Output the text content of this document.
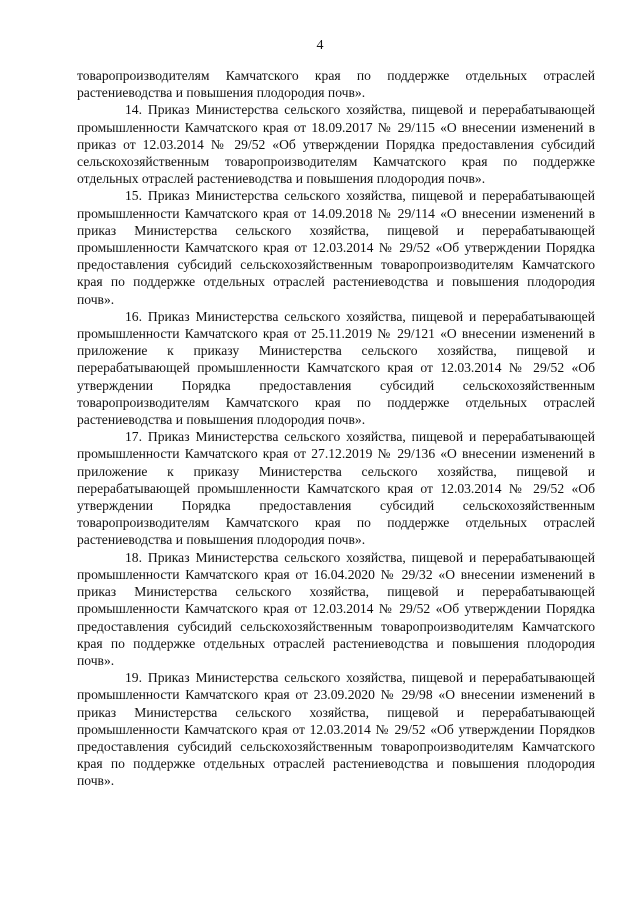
4

товаропроизводителям Камчатского края по поддержке отдельных отраслей растениеводства и повышения плодородия почв».

14. Приказ Министерства сельского хозяйства, пищевой и перерабатывающей промышленности Камчатского края от 18.09.2017 № 29/115 «О внесении изменений в приказ от 12.03.2014 № 29/52 «Об утверждении Порядка предоставления субсидий сельскохозяйственным товаропроизводителям Камчатского края по поддержке отдельных отраслей растениеводства и повышения плодородия почв».

15. Приказ Министерства сельского хозяйства, пищевой и перерабатывающей промышленности Камчатского края от 14.09.2018 № 29/114 «О внесении изменений в приказ Министерства сельского хозяйства, пищевой и перерабатывающей промышленности Камчатского края от 12.03.2014 № 29/52 «Об утверждении Порядка предоставления субсидий сельскохозяйственным товаропроизводителям Камчатского края по поддержке отдельных отраслей растениеводства и повышения плодородия почв».

16. Приказ Министерства сельского хозяйства, пищевой и перерабатывающей промышленности Камчатского края от 25.11.2019 № 29/121 «О внесении изменений в приложение к приказу Министерства сельского хозяйства, пищевой и перерабатывающей промышленности Камчатского края от 12.03.2014 № 29/52 «Об утверждении Порядка предоставления субсидий сельскохозяйственным товаропроизводителям Камчатского края по поддержке отдельных отраслей растениеводства и повышения плодородия почв».

17. Приказ Министерства сельского хозяйства, пищевой и перерабатывающей промышленности Камчатского края от 27.12.2019 № 29/136 «О внесении изменений в приложение к приказу Министерства сельского хозяйства, пищевой и перерабатывающей промышленности Камчатского края от 12.03.2014 № 29/52 «Об утверждении Порядка предоставления субсидий сельскохозяйственным товаропроизводителям Камчатского края по поддержке отдельных отраслей растениеводства и повышения плодородия почв».

18. Приказ Министерства сельского хозяйства, пищевой и перерабатывающей промышленности Камчатского края от 16.04.2020 № 29/32 «О внесении изменений в приказ Министерства сельского хозяйства, пищевой и перерабатывающей промышленности Камчатского края от 12.03.2014 № 29/52 «Об утверждении Порядка предоставления субсидий сельскохозяйственным товаропроизводителям Камчатского края по поддержке отдельных отраслей растениеводства и повышения плодородия почв».

19. Приказ Министерства сельского хозяйства, пищевой и перерабатывающей промышленности Камчатского края от 23.09.2020 № 29/98 «О внесении изменений в приказ Министерства сельского хозяйства, пищевой и перерабатывающей промышленности Камчатского края от 12.03.2014 № 29/52 «Об утверждении Порядков предоставления субсидий сельскохозяйственным товаропроизводителям Камчатского края по поддержке отдельных отраслей растениеводства и повышения плодородия почв».
